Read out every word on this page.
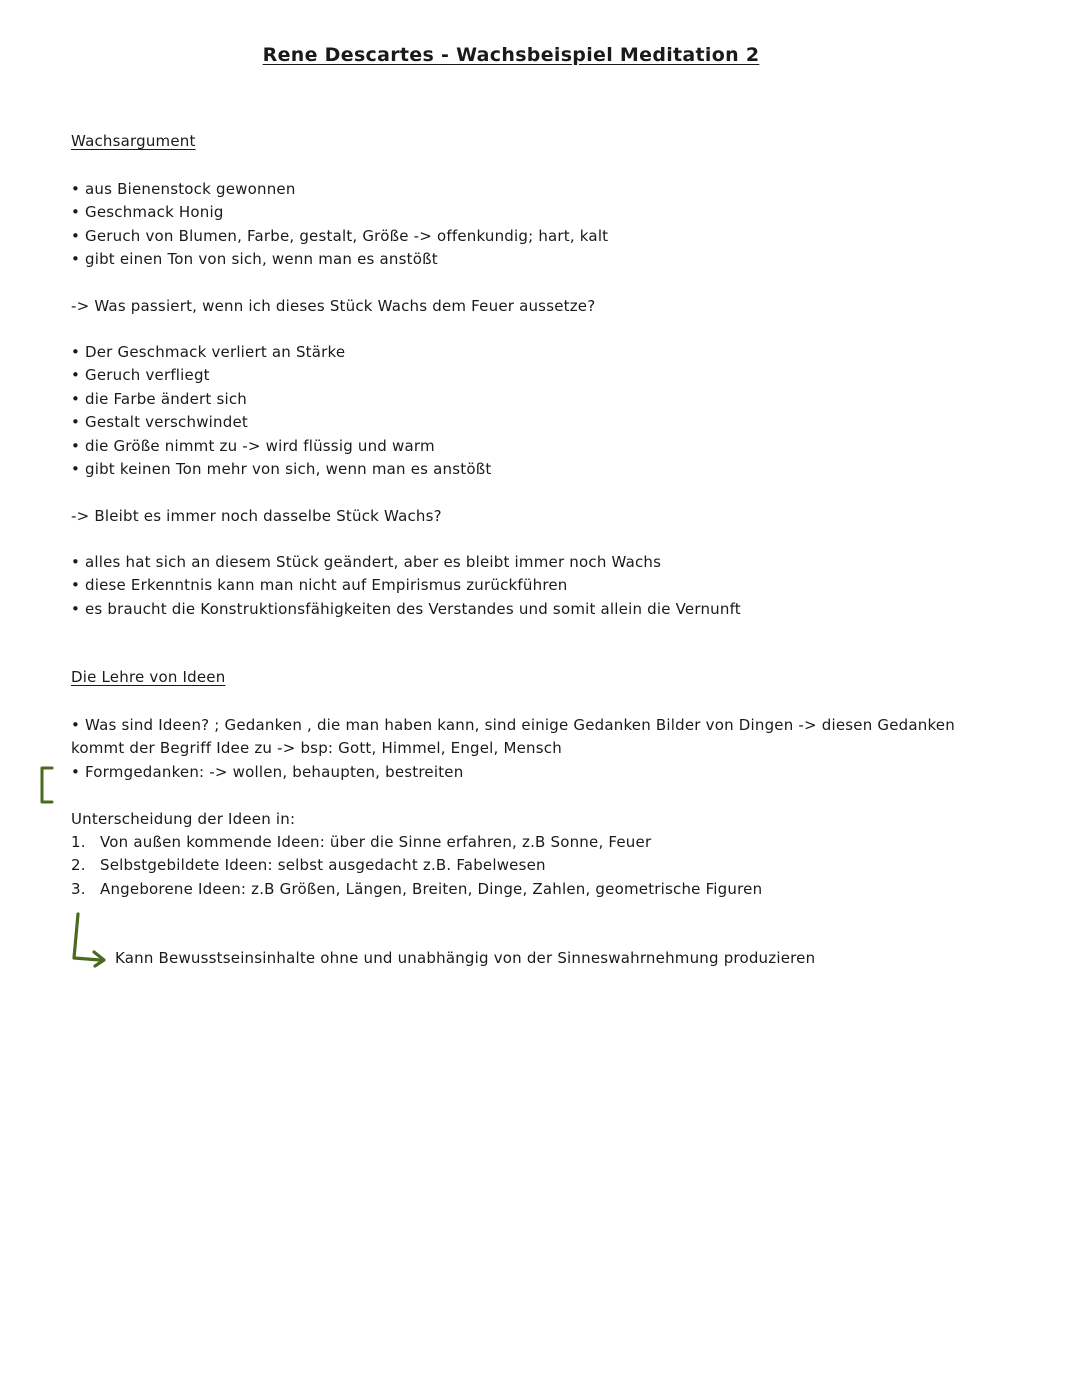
Rene Descartes - Wachsbeispiel Meditation 2
Wachsargument
• aus Bienenstock gewonnen
• Geschmack Honig
• Geruch von Blumen, Farbe, gestalt, Größe -> offenkundig; hart, kalt
• gibt einen Ton von sich, wenn man es anstößt
-> Was passiert, wenn ich dieses Stück Wachs dem Feuer aussetze?
• Der Geschmack verliert an Stärke
• Geruch verfliegt
• die Farbe ändert sich
• Gestalt verschwindet
• die Größe nimmt zu -> wird flüssig und warm
• gibt keinen Ton mehr von sich, wenn man es anstößt
-> Bleibt es immer noch dasselbe Stück Wachs?
• alles hat sich an diesem Stück geändert, aber es bleibt immer noch Wachs
• diese Erkenntnis kann man nicht auf Empirismus zurückführen
• es braucht die Konstruktionsfähigkeiten des Verstandes und somit allein die Vernunft
Die Lehre von Ideen
• Was sind Ideen? ; Gedanken , die man haben kann, sind einige Gedanken Bilder von Dingen -> diesen Gedanken kommt der Begriff Idee zu -> bsp: Gott, Himmel, Engel, Mensch
• Formgedanken: -> wollen, behaupten, bestreiten
Unterscheidung der Ideen in:
1. Von außen kommende Ideen: über die Sinne erfahren, z.B Sonne, Feuer
2. Selbstgebildete Ideen: selbst ausgedacht z.B. Fabelwesen
3. Angeborene Ideen: z.B Größen, Längen, Breiten, Dinge, Zahlen, geometrische Figuren
Kann Bewusstseinsinhalte ohne und unabhängig von der Sinneswahrnehmung produzieren
